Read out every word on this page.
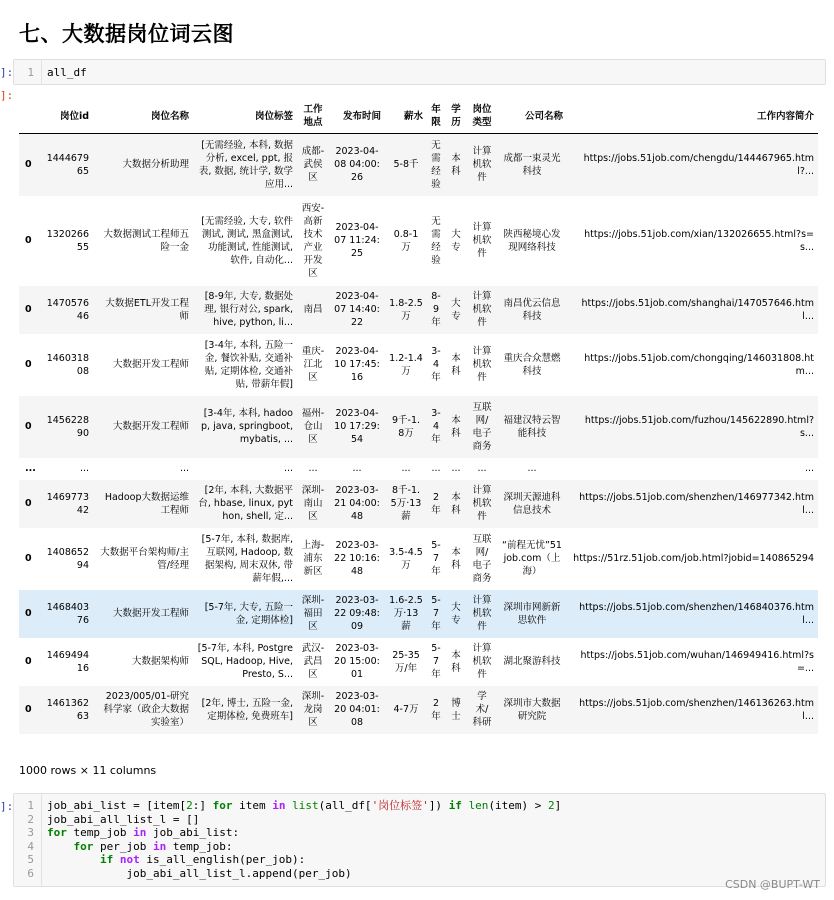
七、大数据岗位词云图
]:	1	all_df
]:
	岗位id	岗位名称	岗位标签	工作地点	发布时间	薪水	年限	学历	岗位类型	公司名称	工作内容简介
0	144467965	大数据分析助理	[无需经验, 本科, 数据分析, excel, ppt, 报表, 数据, 统计学, 数学应用...	成都-武侯区	2023-04-08 04:00:26	5-8千	无需经验	本科	计算机软件	成都一束灵光科技	https://jobs.51job.com/chengdu/144467965.html?...
0	132026655	大数据测试工程师五险一金	[无需经验, 大专, 软件测试, 测试, 黑盒测试, 功能测试, 性能测试, 软件, 自动化...	西安-高新技术产业开发区	2023-04-07 11:24:25	0.8-1万	无需经验	大专	计算机软件	陕西秘境心发现网络科技	https://jobs.51job.com/xian/132026655.html?s=s...
0	147057646	大数据ETL开发工程师	[8-9年, 大专, 数据处理, 银行对公, spark, hive, python, li...	南昌	2023-04-07 14:40:22	1.8-2.5万	8-9年	大专	计算机软件	南昌优云信息科技	https://jobs.51job.com/shanghai/147057646.html...
0	146031808	大数据开发工程师	[3-4年, 本科, 五险一金, 餐饮补贴, 交通补贴, 定期体检, 交通补贴, 带薪年假]	重庆-江北区	2023-04-10 17:45:16	1.2-1.4万	3-4年	本科	计算机软件	重庆合众慧燃科技	https://jobs.51job.com/chongqing/146031808.htm...
0	145622890	大数据开发工程师	[3-4年, 本科, hadoop, java, springboot, mybatis, ...	福州-仓山区	2023-04-10 17:29:54	9千-1.8万	3-4年	本科	互联网/电子商务	福建汉特云智能科技	https://jobs.51job.com/fuzhou/145622890.html?s...
...	...	...	...	...	...	...	...	...	...	...	...
0	146977342	Hadoop大数据运维工程师	[2年, 本科, 大数据平台, hbase, linux, python, shell, 定...	深圳-南山区	2023-03-21 04:00:48	8千-1.5万·13薪	2年	本科	计算机软件	深圳天源迪科信息技术	https://jobs.51job.com/shenzhen/146977342.html...
0	140865294	大数据平台架构师/主管/经理	[5-7年, 本科, 数据库, 互联网, Hadoop, 数据架构, 周末双休, 带薪年假,...	上海-浦东新区	2023-03-22 10:16:48	3.5-4.5万	5-7年	本科	互联网/电子商务	“前程无忧”51job.com（上海）	https://51rz.51job.com/job.html?jobid=140865294
0	146840376	大数据开发工程师	[5-7年, 大专, 五险一金, 定期体检]	深圳-福田区	2023-03-22 09:48:09	1.6-2.5万·13薪	5-7年	大专	计算机软件	深圳市网新新思软件	https://jobs.51job.com/shenzhen/146840376.html...
0	146949416	大数据架构师	[5-7年, 本科, PostgreSQL, Hadoop, Hive, Presto, S...	武汉-武昌区	2023-03-20 15:00:01	25-35万/年	5-7年	本科	计算机软件	湖北聚游科技	https://jobs.51job.com/wuhan/146949416.html?s=...
0	146136263	2023/005/01-研究科学家（政企大数据实验室）	[2年, 博士, 五险一金, 定期体检, 免费班车]	深圳-龙岗区	2023-03-20 04:01:08	4-7万	2年	博士	学术/科研	深圳市大数据研究院	https://jobs.51job.com/shenzhen/146136263.html...
1000 rows × 11 columns
]:	1
2
3
4
5
6
job_abi_list = [item[2:] for item in list(all_df['岗位标签']) if len(item) > 2]
job_abi_all_list_l = []
for temp_job in job_abi_list:
for per_job in temp_job:
if not is_all_english(per_job):
job_abi_all_list_l.append(per_job)
CSDN @BUPT-WT
